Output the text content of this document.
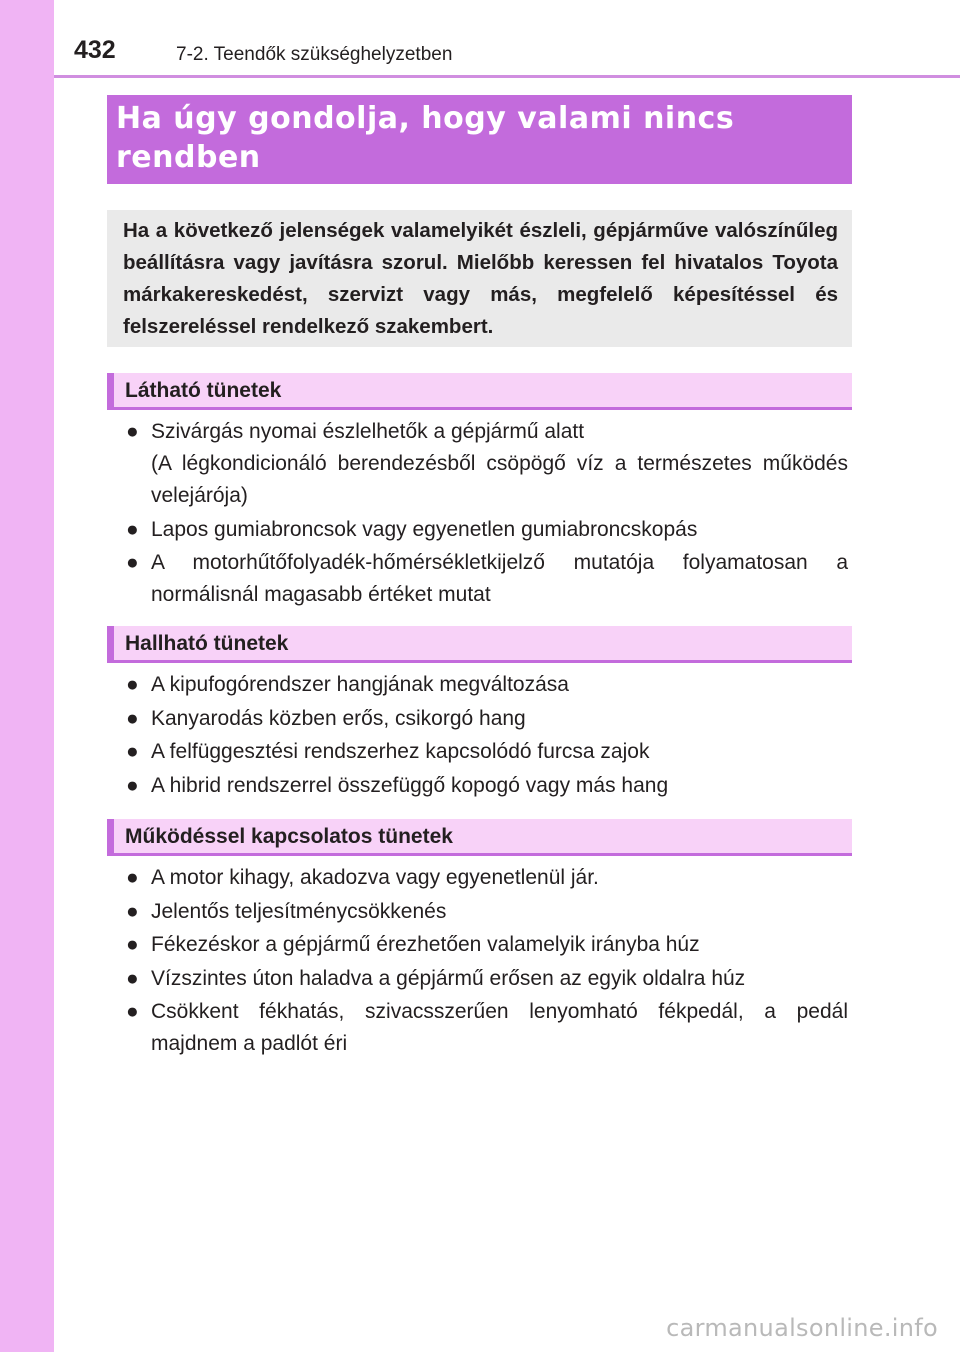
432	7-2. Teendők szükséghelyzetben
Ha úgy gondolja, hogy valami nincs
rendben

Ha a következő jelenségek valamelyikét észleli, gépjárműve valószínűleg beállításra vagy javításra szorul. Mielőbb keressen fel hivatalos Toyota márkakereskedést, szervizt vagy más, megfelelő képesítéssel és felszereléssel rendelkező szakembert.

Látható tünetek
● Szivárgás nyomai észlelhetők a gépjármű alatt
(A légkondicionáló berendezésből csöpögő víz a természetes működés velejárója)
● Lapos gumiabroncsok vagy egyenetlen gumiabroncskopás
● A motorhűtőfolyadék-hőmérsékletkijelző mutatója folyamatosan a normálisnál magasabb értéket mutat
Hallható tünetek
● A kipufogórendszer hangjának megváltozása
● Kanyarodás közben erős, csikorgó hang
● A felfüggesztési rendszerhez kapcsolódó furcsa zajok
● A hibrid rendszerrel összefüggő kopogó vagy más hang
Működéssel kapcsolatos tünetek
● A motor kihagy, akadozva vagy egyenetlenül jár.
● Jelentős teljesítménycsökkenés
● Fékezéskor a gépjármű érezhetően valamelyik irányba húz
● Vízszintes úton haladva a gépjármű erősen az egyik oldalra húz
● Csökkent fékhatás, szivacsszerűen lenyomható fékpedál, a pedál majdnem a padlót éri
carmanualsonline.info
